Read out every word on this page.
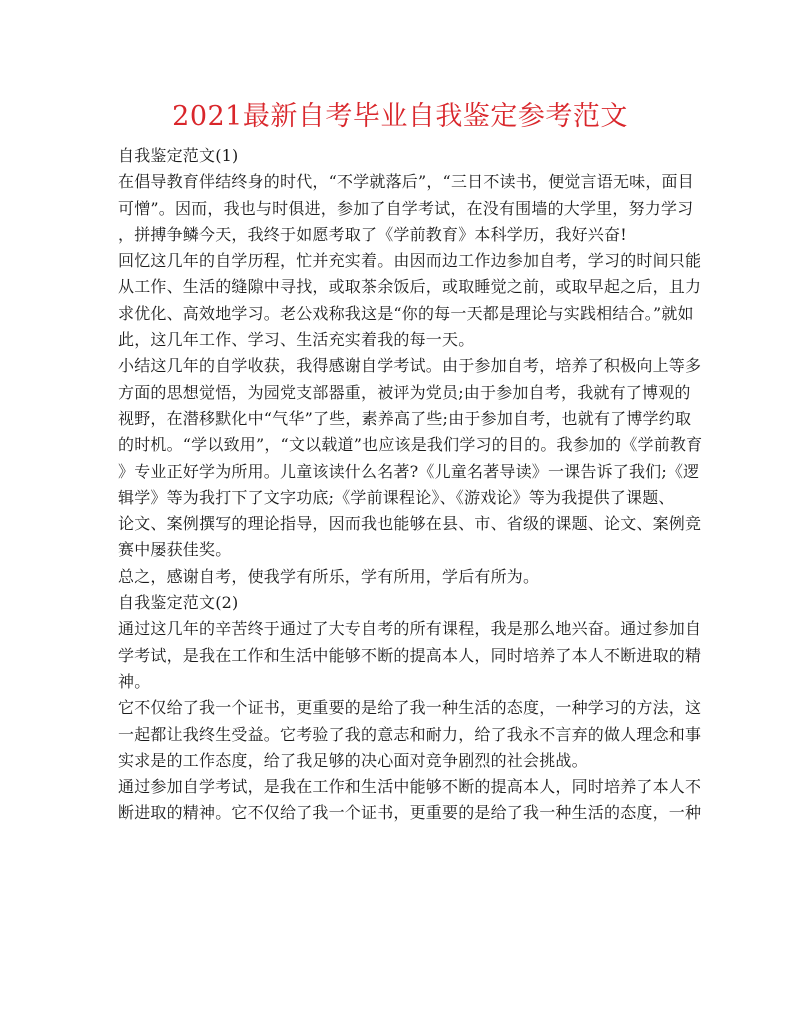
2021最新自考毕业自我鉴定参考范文
自我鉴定范文(1)
在倡导教育伴结终身的时代，“不学就落后”，“三日不读书，便觉言语无味，面目
可憎”。因而，我也与时俱进，参加了自学考试，在没有围墙的大学里，努力学习
，拼搏争鳞今天，我终于如愿考取了《学前教育》本科学历，我好兴奋!
回忆这几年的自学历程，忙并充实着。由因而边工作边参加自考，学习的时间只能
从工作、生活的缝隙中寻找，或取茶余饭后，或取睡觉之前，或取早起之后，且力
求优化、高效地学习。老公戏称我这是“你的每一天都是理论与实践相结合。”就如
此，这几年工作、学习、生活充实着我的每一天。
小结这几年的自学收获，我得感谢自学考试。由于参加自考，培养了积极向上等多
方面的思想觉悟，为园党支部器重，被评为党员;由于参加自考，我就有了博观的
视野，在潜移默化中“气华”了些，素养高了些;由于参加自考，也就有了博学约取
的时机。“学以致用”，“文以载道”也应该是我们学习的目的。我参加的《学前教育
》专业正好学为所用。儿童该读什么名著?《儿童名著导读》一课告诉了我们;《逻
辑学》等为我打下了文字功底;《学前课程论》、《游戏论》等为我提供了课题、
论文、案例撰写的理论指导，因而我也能够在县、市、省级的课题、论文、案例竞
赛中屡获佳奖。
总之，感谢自考，使我学有所乐，学有所用，学后有所为。
自我鉴定范文(2)
通过这几年的辛苦终于通过了大专自考的所有课程，我是那么地兴奋。通过参加自
学考试，是我在工作和生活中能够不断的提高本人，同时培养了本人不断进取的精
神。
它不仅给了我一个证书，更重要的是给了我一种生活的态度，一种学习的方法，这
一起都让我终生受益。它考验了我的意志和耐力，给了我永不言弃的做人理念和事
实求是的工作态度，给了我足够的决心面对竞争剧烈的社会挑战。
通过参加自学考试，是我在工作和生活中能够不断的提高本人，同时培养了本人不
断进取的精神。它不仅给了我一个证书，更重要的是给了我一种生活的态度，一种
